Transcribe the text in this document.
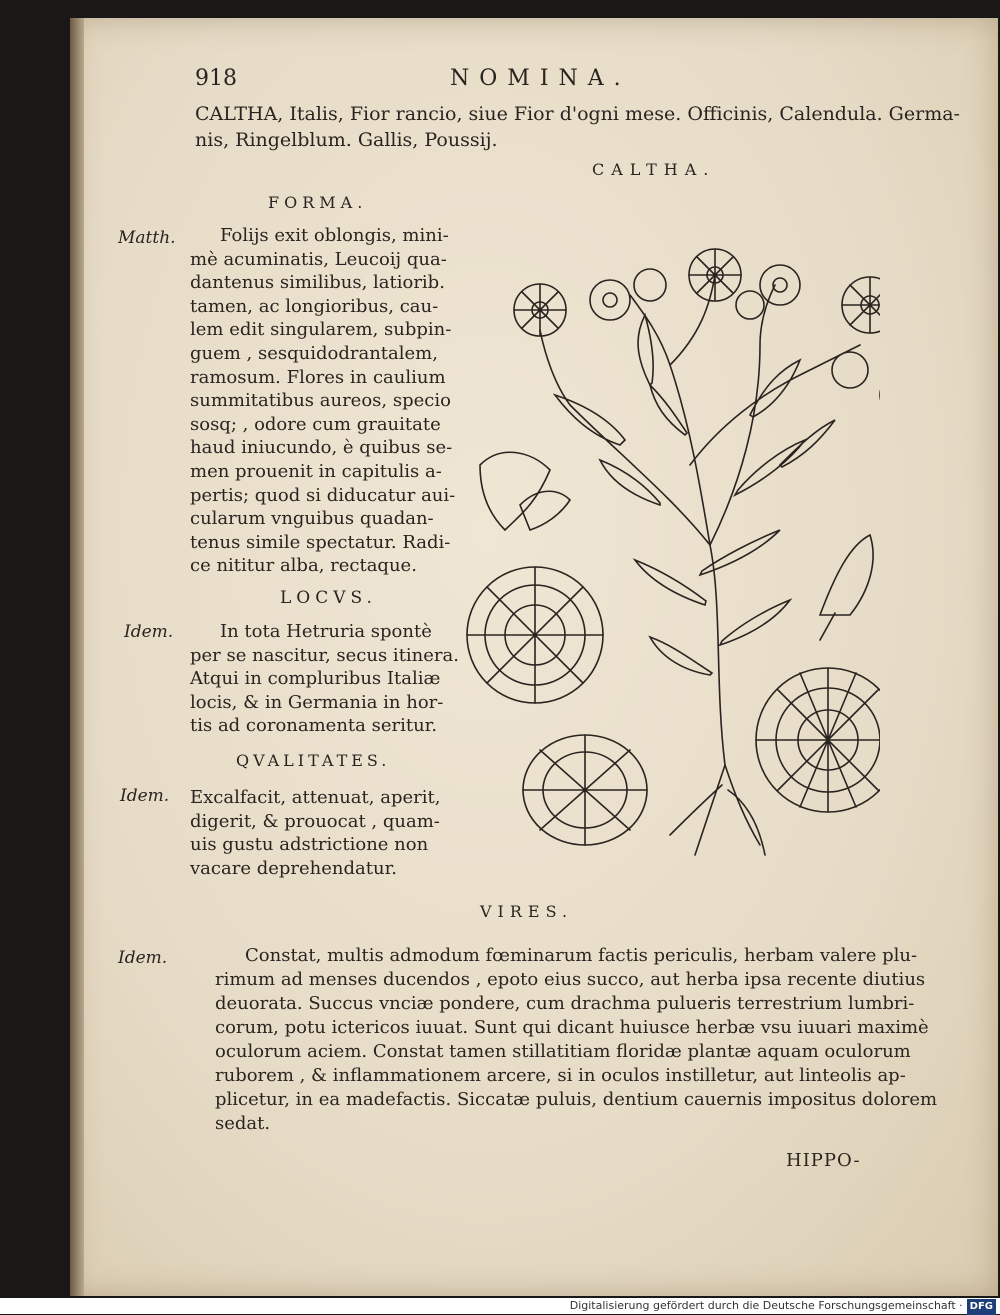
918	NOMINA.
CALTHA, Italis, Fior rancio, siue Fior d'ogni mese. Officinis, Calendula. Germa-
nis, Ringelblum. Gallis, Poussij.
CALTHA.
FORMA.
Matth.	Folijs exit oblongis, mini-
mè acuminatis, Leucoij qua-
dantenus similibus, latiorib.
tamen, ac longioribus, cau-
lem edit singularem, subpin-
guem , sesquidodrantalem,
ramosum. Flores in caulium
summitatibus aureos, specio
sosq; , odore cum grauitate
haud iniucundo, è quibus se-
men prouenit in capitulis a-
pertis; quod si diducatur aui-
cularum vnguibus quadan-
tenus simile spectatur. Radi-
ce nititur alba, rectaque.
LOCVS.
Idem.	In tota Hetruria spontè
per se nascitur, secus itinera.
Atqui in compluribus Italiæ
locis, & in Germania in hor-
tis ad coronamenta seritur.
QVALITATES.
Idem. Excalfacit, attenuat, aperit,
digerit, & prouocat , quam-
uis gustu adstrictione non
vacare deprehendatur.
VIRES.
Idem.	Constat, multis admodum fœminarum factis periculis, herbam valere plu-
rimum ad menses ducendos , epoto eius succo, aut herba ipsa recente diutius
deuorata. Succus vnciæ pondere, cum drachma pulueris terrestrium lumbri-
corum, potu ictericos iuuat. Sunt qui dicant huiusce herbæ vsu iuuari maximè
oculorum aciem. Constat tamen stillatitiam floridæ plantæ aquam oculorum
ruborem , & inflammationem arcere, si in oculos instilletur, aut linteolis ap-
plicetur, in ea madefactis. Siccatæ puluis, dentium cauernis impositus dolorem
sedat.
HIPPO-
Digitalisierung gefördert durch die Deutsche Forschungsgemeinschaft · DFG
